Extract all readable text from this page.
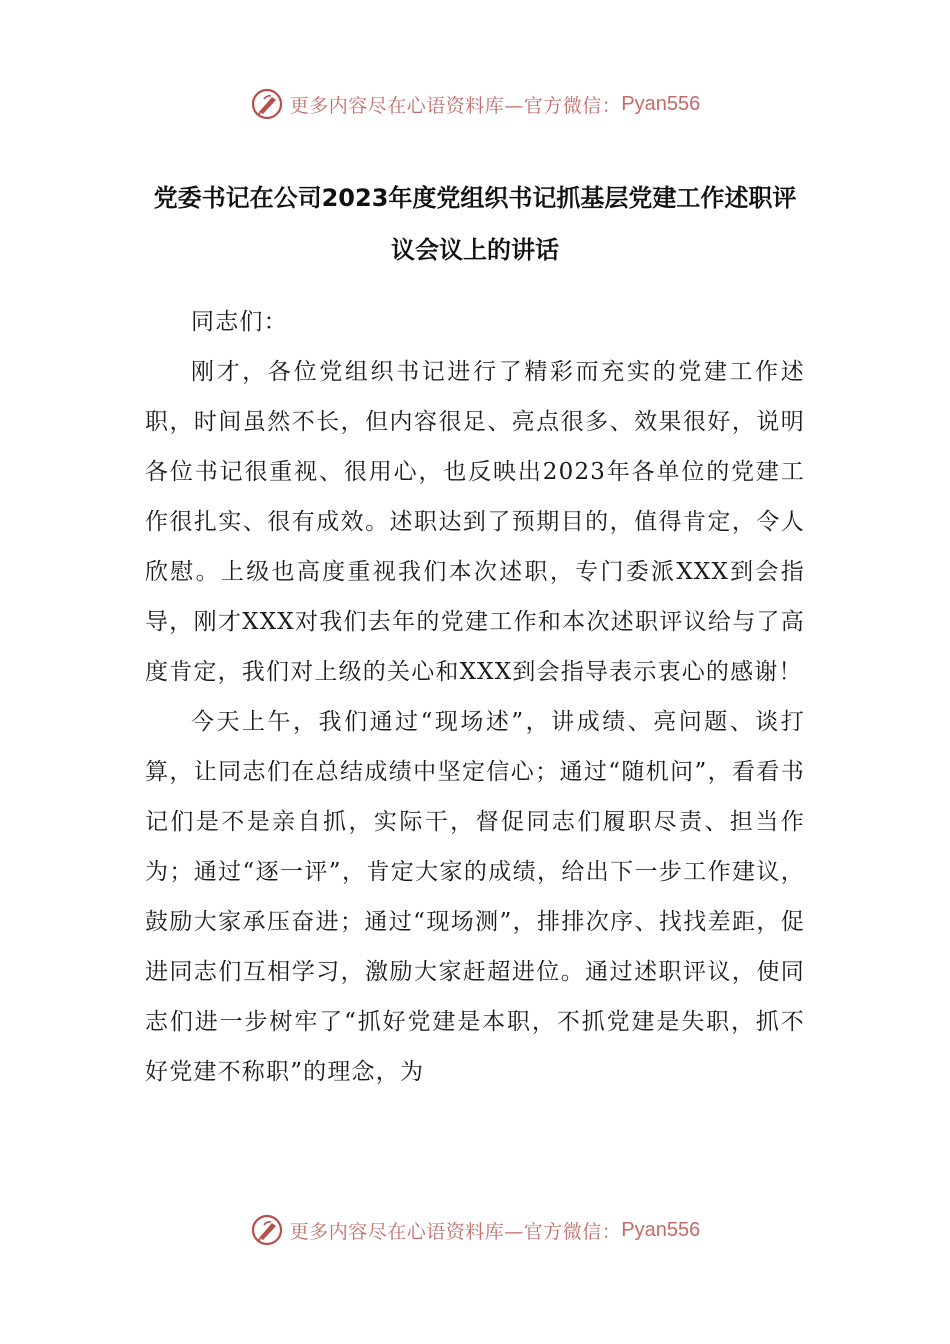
更多内容尽在心语资料库—官方微信： Pyan556
党委书记在公司2023年度党组织书记抓基层党建工作述职评议会议上的讲话

同志们：

刚才，各位党组织书记进行了精彩而充实的党建工作述职，时间虽然不长，但内容很足、亮点很多、效果很好，说明各位书记很重视、很用心，也反映出2023年各单位的党建工作很扎实、很有成效。述职达到了预期目的，值得肯定，令人欣慰。上级也高度重视我们本次述职，专门委派XXX到会指导，刚才XXX对我们去年的党建工作和本次述职评议给与了高度肯定，我们对上级的关心和XXX到会指导表示衷心的感谢！

今天上午，我们通过“现场述”，讲成绩、亮问题、谈打算，让同志们在总结成绩中坚定信心；通过“随机问”，看看书记们是不是亲自抓，实际干，督促同志们履职尽责、担当作为；通过“逐一评”，肯定大家的成绩，给出下一步工作建议，鼓励大家承压奋进；通过“现场测”，排排次序、找找差距，促进同志们互相学习，激励大家赶超进位。通过述职评议，使同志们进一步树牢了“抓好党建是本职，不抓党建是失职，抓不好党建不称职”的理念，为

更多内容尽在心语资料库—官方微信： Pyan556
